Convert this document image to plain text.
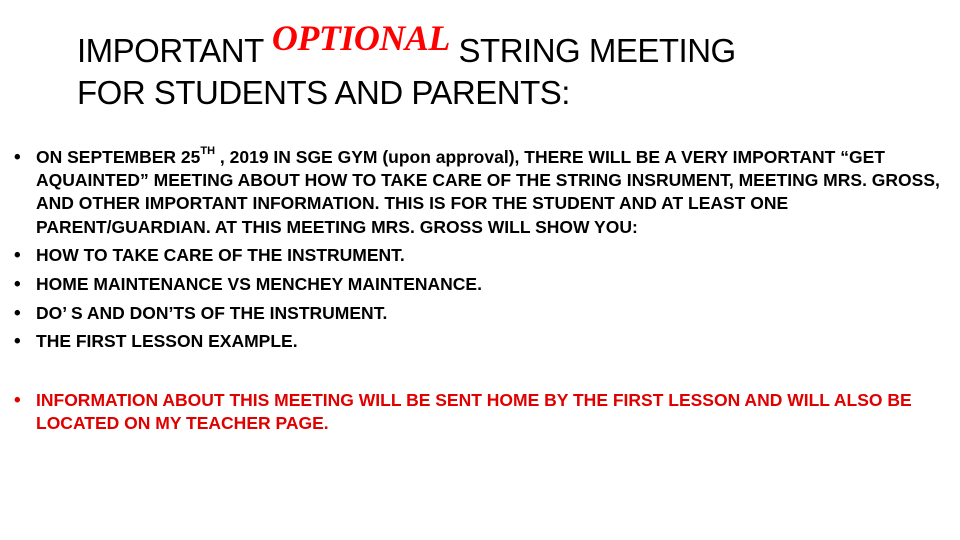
IMPORTANT OPTIONAL STRING MEETING
FOR STUDENTS AND PARENTS:
• ON SEPTEMBER 25TH , 2019 IN SGE GYM (upon approval), THERE WILL BE A VERY IMPORTANT “GET AQUAINTED” MEETING ABOUT HOW TO TAKE CARE OF THE STRING INSRUMENT, MEETING MRS. GROSS, AND OTHER IMPORTANT INFORMATION. THIS IS FOR THE STUDENT AND AT LEAST ONE PARENT/GUARDIAN. AT THIS MEETING MRS. GROSS WILL SHOW YOU:
• HOW TO TAKE CARE OF THE INSTRUMENT.
• HOME MAINTENANCE VS MENCHEY MAINTENANCE.
• DO’ S AND DON’TS OF THE INSTRUMENT.
• THE FIRST LESSON EXAMPLE.
• INFORMATION ABOUT THIS MEETING WILL BE SENT HOME BY THE FIRST LESSON AND WILL ALSO BE LOCATED ON MY TEACHER PAGE.
